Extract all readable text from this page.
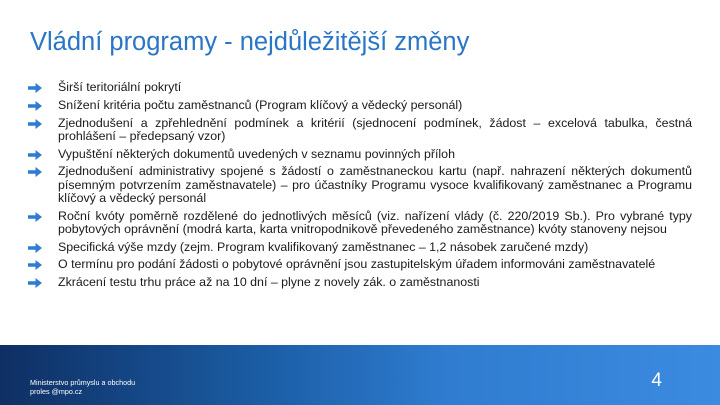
Vládní programy - nejdůležitější změny
Širší teritoriální pokrytí
Snížení kritéria počtu zaměstnanců (Program klíčový a vědecký personál)
Zjednodušení a zpřehlednění podmínek a kritérií (sjednocení podmínek, žádost – excelová tabulka, čestná prohlášení – předepsaný vzor)
Vypuštění některých dokumentů uvedených v seznamu povinných příloh
Zjednodušení administrativy spojené s žádostí o zaměstnaneckou kartu (např. nahrazení některých dokumentů písemným potvrzením zaměstnavatele) – pro účastníky Programu vysoce kvalifikovaný zaměstnanec a Programu klíčový a vědecký personál
Roční kvóty poměrně rozdělené do jednotlivých měsíců (viz. nařízení vlády (č. 220/2019 Sb.). Pro vybrané typy pobytových oprávnění (modrá karta, karta vnitropodnikově převedeného zaměstnance) kvóty stanoveny nejsou
Specifická výše mzdy (zejm. Program kvalifikovaný zaměstnanec – 1,2 násobek zaručené mzdy)
O termínu pro podání žádosti o pobytové oprávnění jsou zastupitelským úřadem informováni zaměstnavatelé
Zkrácení testu trhu práce až na 10 dní – plyne z novely zák. o zaměstnanosti
Ministerstvo průmyslu a obchodu
proles @mpo.cz
4
